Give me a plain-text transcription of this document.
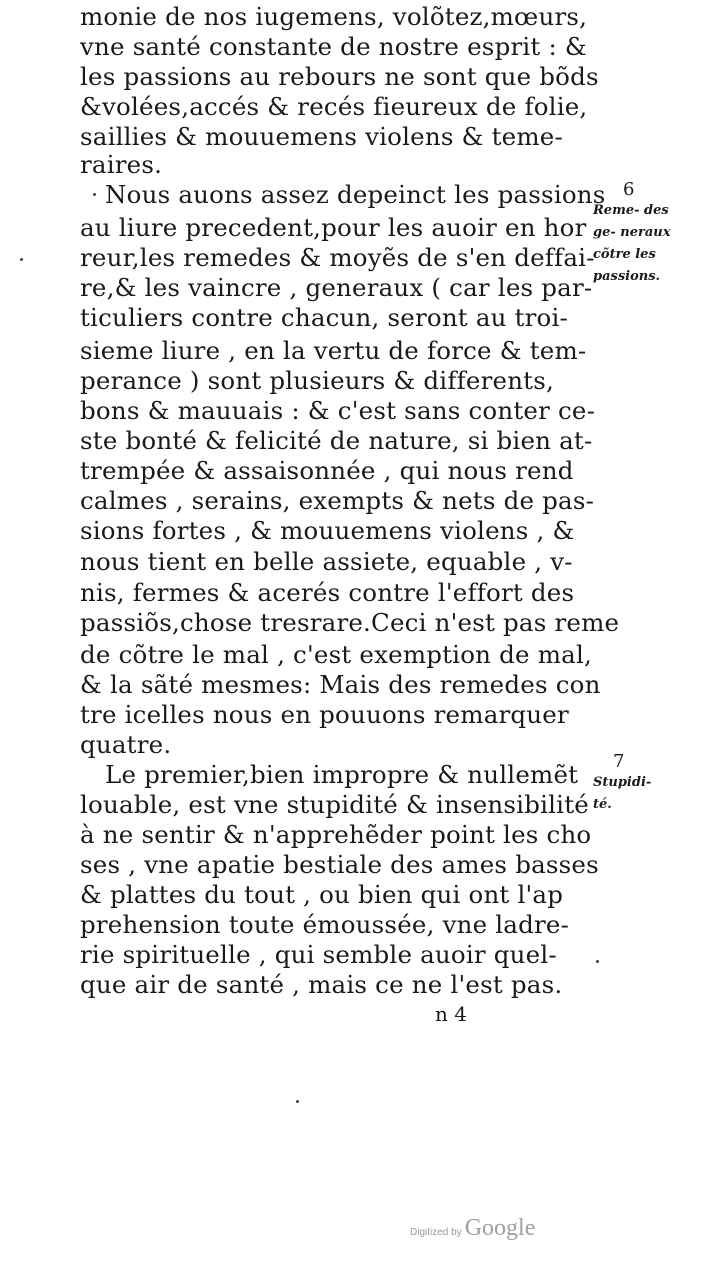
monie de nos iugemens, volõtez,mœurs,
vne santé constante de nostre esprit : &
les passions au rebours ne sont que bõds
&volées,accés & recés fieureux de folie,
saillies & mouuemens violens & teme-
raires.
Nous auons assez depeinct les passions
au liure precedent,pour les auoir en hor
reur,les remedes & moyẽs de s'en deffai-
re,& les vaincre , generaux ( car les par-
ticuliers contre chacun, seront au troi-
sieme liure , en la vertu de force & tem-
perance ) sont plusieurs & differents,
bons & mauuais : & c'est sans conter ce-
ste bonté & felicité de nature, si bien at-
trempée & assaisonnée , qui nous rend
calmes , serains, exempts & nets de pas-
sions fortes , & mouuemens violens , &
nous tient en belle assiete, equable , v-
nis, fermes & acerés contre l'effort des
passiõs,chose tresrare.Ceci n'est pas reme
de cõtre le mal , c'est exemption de mal,
& la sãté mesmes: Mais des remedes con
tre icelles nous en pouuons remarquer
quatre.
Le premier,bien impropre & nullemẽt
louable, est vne stupidité & insensibilité
à ne sentir & n'apprehẽder point les cho
ses , vne apatie bestiale des ames basses
& plattes du tout , ou bien qui ont l'ap
prehension toute émoussée, vne ladre-
rie spirituelle , qui semble auoir quel-
que air de santé , mais ce ne l'est pas.
6
Reme- des ge- neraux cõtre les passions.
7
Stupidi- té.
n 4
Digitized by Google
